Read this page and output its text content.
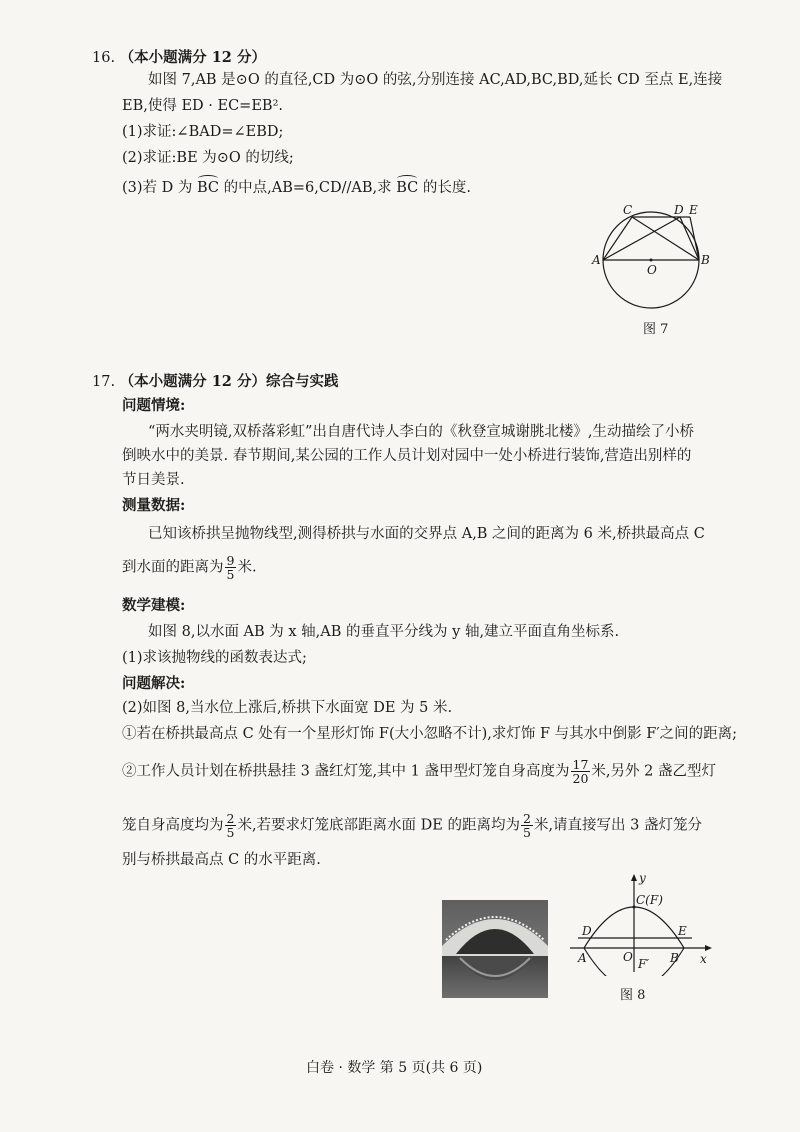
16. （本小题满分 12 分）
如图 7,AB 是⊙O 的直径,CD 为⊙O 的弦,分别连接 AC,AD,BC,BD,延长 CD 至点 E,连接
EB,使得 ED · EC=EB².
(1)求证:∠BAD=∠EBD;
(2)求证:BE 为⊙O 的切线;
(3)若 D 为 BC 的中点,AB=6,CD//AB,求 BC 的长度.
C	D E
A
O
B
图 7
17. （本小题满分 12 分）综合与实践
问题情境:
“两水夹明镜,双桥落彩虹”出自唐代诗人李白的《秋登宣城谢朓北楼》,生动描绘了小桥
倒映水中的美景. 春节期间,某公园的工作人员计划对园中一处小桥进行装饰,营造出别样的
节日美景.
测量数据:
已知该桥拱呈抛物线型,测得桥拱与水面的交界点 A,B 之间的距离为 6 米,桥拱最高点 C
到水面的距离为 $\frac{9}{5}$ 米.
数学建模:
如图 8,以水面 AB 为 x 轴,AB 的垂直平分线为 y 轴,建立平面直角坐标系.
(1)求该抛物线的函数表达式;
问题解决:
(2)如图 8,当水位上涨后,桥拱下水面宽 DE 为 5 米.
①若在桥拱最高点 C 处有一个星形灯饰 F(大小忽略不计),求灯饰 F 与其水中倒影 F′之间的距离;
②工作人员计划在桥拱悬挂 3 盏红灯笼,其中 1 盏甲型灯笼自身高度为 $\frac{17}{20}$ 米,另外 2 盏乙型灯
笼自身高度均为 $\frac{2}{5}$ 米,若要求灯笼底部距离水面 DE 的距离均为 $\frac{2}{5}$ 米,请直接写出 3 盏灯笼分
别与桥拱最高点 C 的水平距离.
y
C(F)
D	E
A	O	B
F′	x
图 8
白卷 · 数学 第 5 页(共 6 页)
